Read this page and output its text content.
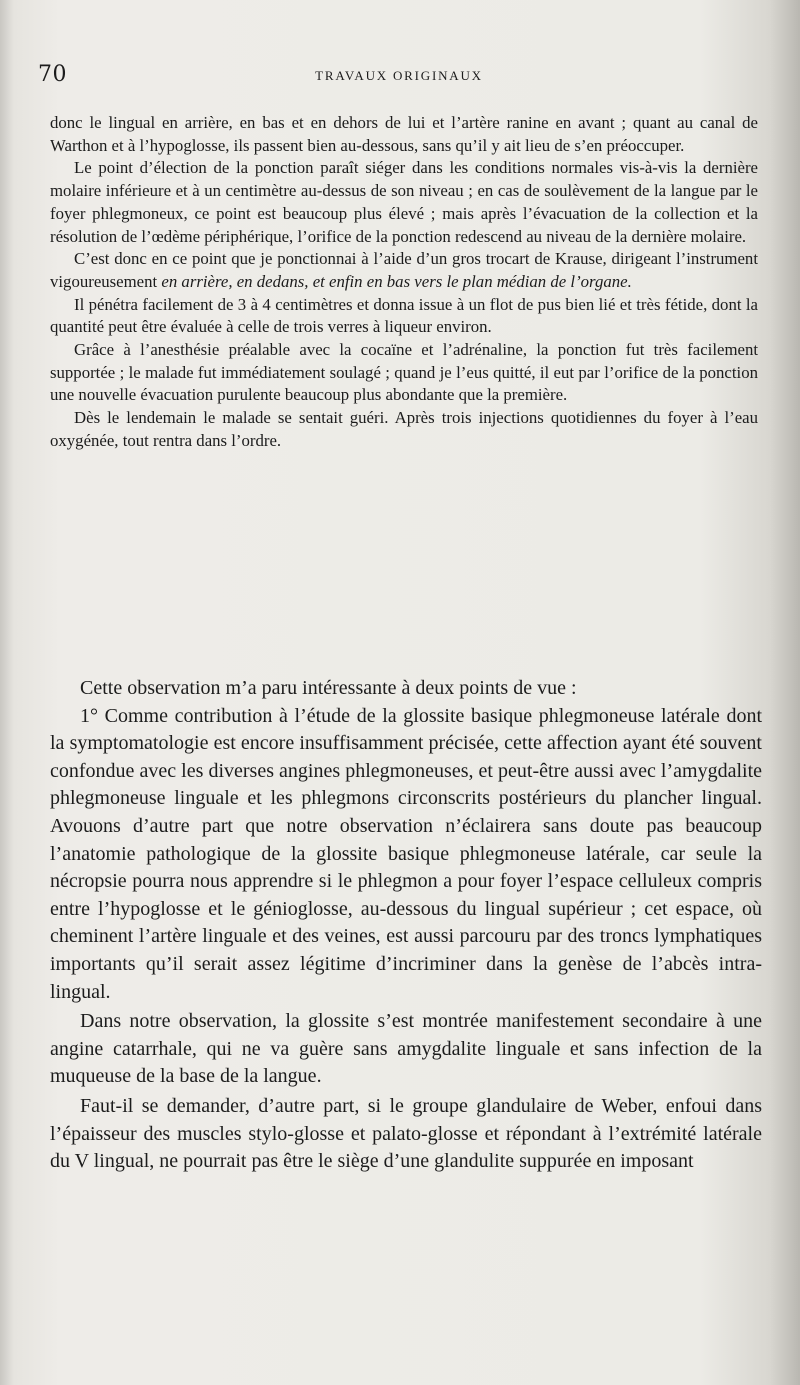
70	TRAVAUX ORIGINAUX

donc le lingual en arrière, en bas et en dehors de lui et l’artère ranine en avant ; quant au canal de Warthon et à l’hypoglosse, ils passent bien au-dessous, sans qu’il y ait lieu de s’en préoccuper.

Le point d’élection de la ponction paraît siéger dans les conditions normales vis-à-vis la dernière molaire inférieure et à un centimètre au-dessus de son niveau ; en cas de soulèvement de la langue par le foyer phlegmoneux, ce point est beaucoup plus élevé ; mais après l’évacuation de la collection et la résolution de l’œdème périphérique, l’orifice de la ponction redescend au niveau de la dernière molaire.

C’est donc en ce point que je ponctionnai à l’aide d’un gros trocart de Krause, dirigeant l’instrument vigoureusement en arrière, en dedans, et enfin en bas vers le plan médian de l’organe.

Il pénétra facilement de 3 à 4 centimètres et donna issue à un flot de pus bien lié et très fétide, dont la quantité peut être évaluée à celle de trois verres à liqueur environ.

Grâce à l’anesthésie préalable avec la cocaïne et l’adrénaline, la ponction fut très facilement supportée ; le malade fut immédiatement soulagé ; quand je l’eus quitté, il eut par l’orifice de la ponction une nouvelle évacuation purulente beaucoup plus abondante que la première.

Dès le lendemain le malade se sentait guéri. Après trois injections quotidiennes du foyer à l’eau oxygénée, tout rentra dans l’ordre.

Cette observation m’a paru intéressante à deux points de vue :

1° Comme contribution à l’étude de la glossite basique phlegmoneuse latérale dont la symptomatologie est encore insuffisamment précisée, cette affection ayant été souvent confondue avec les diverses angines phlegmoneuses, et peut-être aussi avec l’amygdalite phlegmoneuse linguale et les phlegmons circonscrits postérieurs du plancher lingual. Avouons d’autre part que notre observation n’éclairera sans doute pas beaucoup l’anatomie pathologique de la glossite basique phlegmoneuse latérale, car seule la nécropsie pourra nous apprendre si le phlegmon a pour foyer l’espace celluleux compris entre l’hypoglosse et le génioglosse, au-dessous du lingual supérieur ; cet espace, où cheminent l’artère linguale et des veines, est aussi parcouru par des troncs lymphatiques importants qu’il serait assez légitime d’incriminer dans la genèse de l’abcès intra-lingual.

Dans notre observation, la glossite s’est montrée manifestement secondaire à une angine catarrhale, qui ne va guère sans amygdalite linguale et sans infection de la muqueuse de la base de la langue.

Faut-il se demander, d’autre part, si le groupe glandulaire de Weber, enfoui dans l’épaisseur des muscles stylo-glosse et palato-glosse et répondant à l’extrémité latérale du V lingual, ne pourrait pas être le siège d’une glandulite suppurée en imposant
